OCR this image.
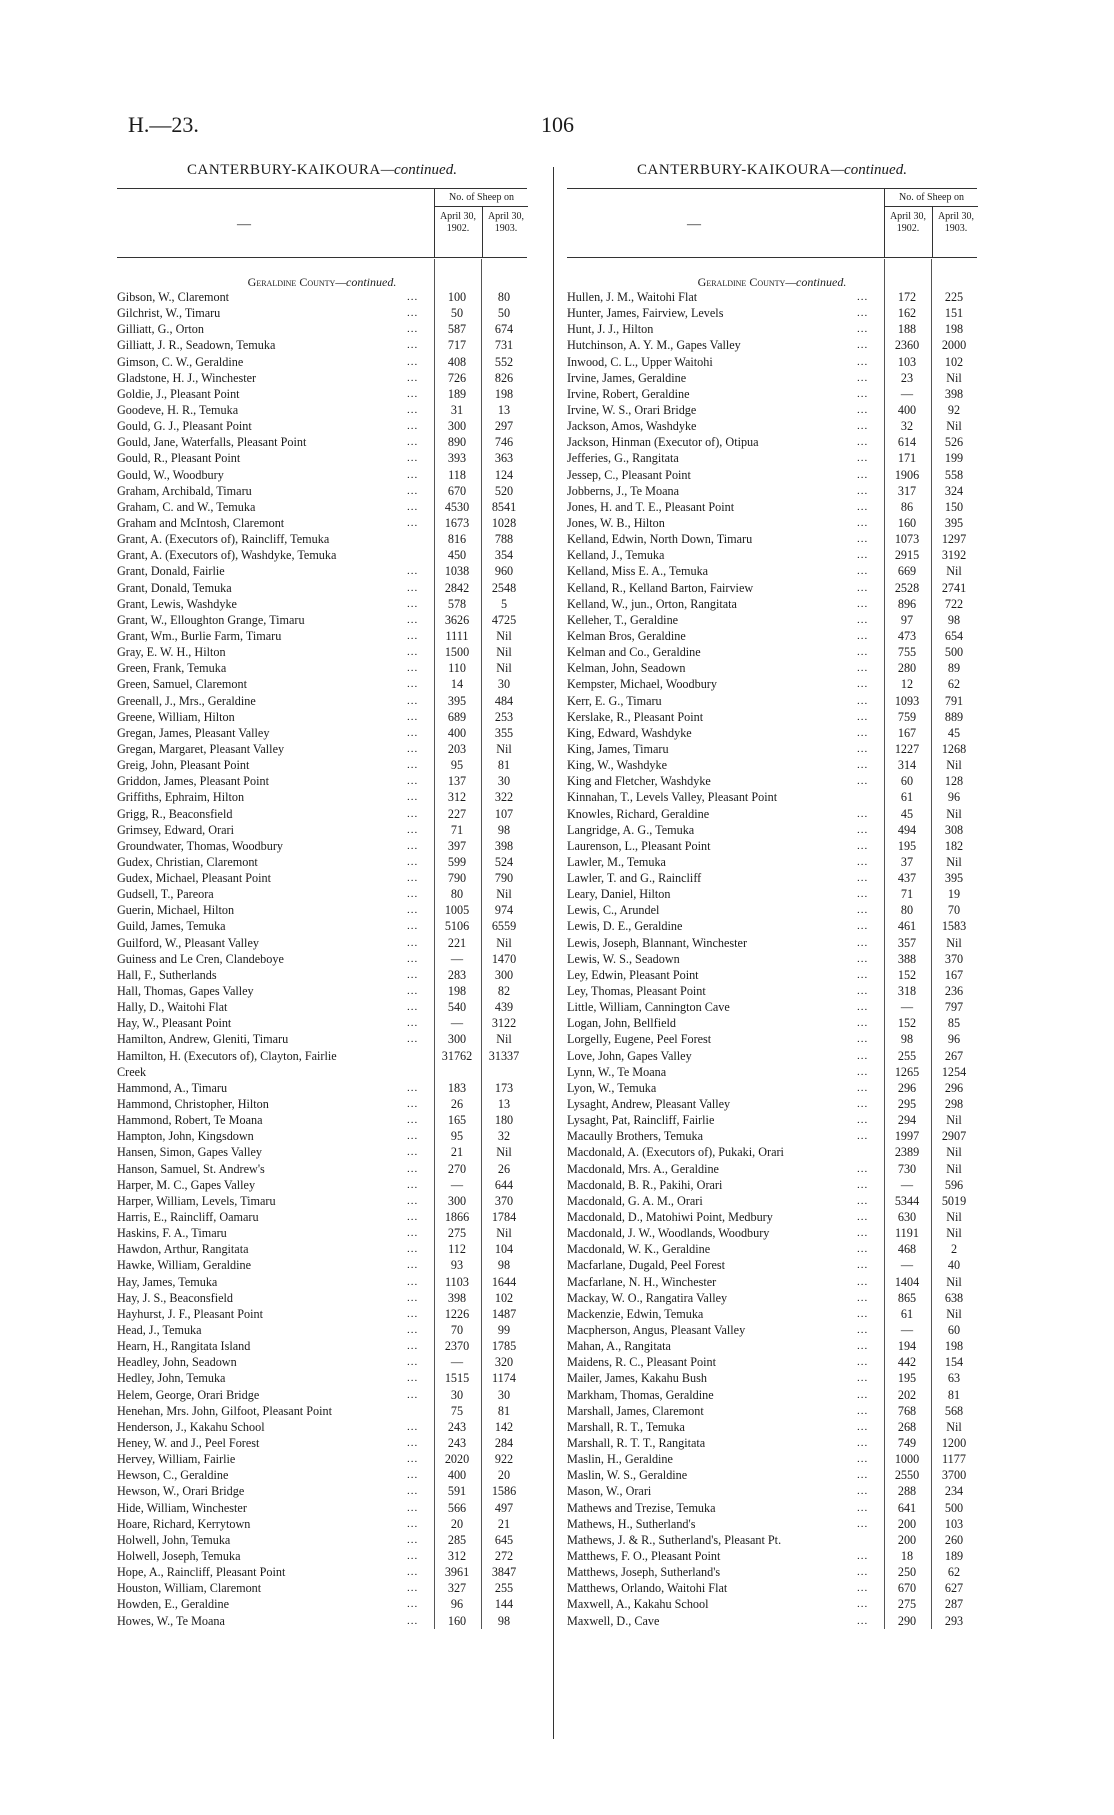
H.—23.	106
CANTERBURY-KAIKOURA—continued.
—
No. of Sheep on
April 30, 1902.
April 30, 1903.
Geraldine County—continued.
Gibson, W., Claremont	...	100	80
Gilchrist, W., Timaru	...	50	50
Gilliatt, G., Orton	...	587	674
Gilliatt, J. R., Seadown, Temuka	...	717	731
Gimson, C. W., Geraldine	...	408	552
Gladstone, H. J., Winchester	...	726	826
Goldie, J., Pleasant Point	...	189	198
Goodeve, H. R., Temuka	...	31	13
Gould, G. J., Pleasant Point	...	300	297
Gould, Jane, Waterfalls, Pleasant Point	...	890	746
Gould, R., Pleasant Point	...	393	363
Gould, W., Woodbury	...	118	124
Graham, Archibald, Timaru	...	670	520
Graham, C. and W., Temuka	...	4530	8541
Graham and McIntosh, Claremont	...	1673	1028
Grant, A. (Executors of), Raincliff, Temuka	816	788
Grant, A. (Executors of), Washdyke, Temuka	450	354
Grant, Donald, Fairlie	...	1038	960
Grant, Donald, Temuka	...	2842	2548
Grant, Lewis, Washdyke	...	578	5
Grant, W., Elloughton Grange, Timaru	...	3626	4725
Grant, Wm., Burlie Farm, Timaru	...	1111	Nil
Gray, E. W. H., Hilton	...	1500	Nil
Green, Frank, Temuka	...	110	Nil
Green, Samuel, Claremont	...	14	30
Greenall, J., Mrs., Geraldine	...	395	484
Greene, William, Hilton	...	689	253
Gregan, James, Pleasant Valley	...	400	355
Gregan, Margaret, Pleasant Valley	...	203	Nil
Greig, John, Pleasant Point	...	95	81
Griddon, James, Pleasant Point	...	137	30
Griffiths, Ephraim, Hilton	...	312	322
Grigg, R., Beaconsfield	...	227	107
Grimsey, Edward, Orari	...	71	98
Groundwater, Thomas, Woodbury	...	397	398
Gudex, Christian, Claremont	...	599	524
Gudex, Michael, Pleasant Point	...	790	790
Gudsell, T., Pareora	...	80	Nil
Guerin, Michael, Hilton	...	1005	974
Guild, James, Temuka	...	5106	6559
Guilford, W., Pleasant Valley	...	221	Nil
Guiness and Le Cren, Clandeboye	...	—	1470
Hall, F., Sutherlands	...	283	300
Hall, Thomas, Gapes Valley	...	198	82
Hally, D., Waitohi Flat	...	540	439
Hay, W., Pleasant Point	...	—	3122
Hamilton, Andrew, Gleniti, Timaru	...	300	Nil
Hamilton, H. (Executors of), Clayton, Fairlie	31762	31337
Creek
Hammond, A., Timaru	...	183	173
Hammond, Christopher, Hilton	...	26	13
Hammond, Robert, Te Moana	...	165	180
Hampton, John, Kingsdown	...	95	32
Hansen, Simon, Gapes Valley	...	21	Nil
Hanson, Samuel, St. Andrew's	...	270	26
Harper, M. C., Gapes Valley	...	—	644
Harper, William, Levels, Timaru	...	300	370
Harris, E., Raincliff, Oamaru	...	1866	1784
Haskins, F. A., Timaru	...	275	Nil
Hawdon, Arthur, Rangitata	...	112	104
Hawke, William, Geraldine	...	93	98
Hay, James, Temuka	...	1103	1644
Hay, J. S., Beaconsfield	...	398	102
Hayhurst, J. F., Pleasant Point	...	1226	1487
Head, J., Temuka	...	70	99
Hearn, H., Rangitata Island	...	2370	1785
Headley, John, Seadown	...	—	320
Hedley, John, Temuka	...	1515	1174
Helem, George, Orari Bridge	...	30	30
Henehan, Mrs. John, Gilfoot, Pleasant Point	75	81
Henderson, J., Kakahu School	...	243	142
Heney, W. and J., Peel Forest	...	243	284
Hervey, William, Fairlie	...	2020	922
Hewson, C., Geraldine	...	400	20
Hewson, W., Orari Bridge	...	591	1586
Hide, William, Winchester	...	566	497
Hoare, Richard, Kerrytown	...	20	21
Holwell, John, Temuka	...	285	645
Holwell, Joseph, Temuka	...	312	272
Hope, A., Raincliff, Pleasant Point	...	3961	3847
Houston, William, Claremont	...	327	255
Howden, E., Geraldine	...	96	144
Howes, W., Te Moana	...	160	98
CANTERBURY-KAIKOURA—continued.
—
No. of Sheep on
April 30, 1902.
April 30, 1903.
Geraldine County—continued.
Hullen, J. M., Waitohi Flat	...	172	225
Hunter, James, Fairview, Levels	...	162	151
Hunt, J. J., Hilton	...	188	198
Hutchinson, A. Y. M., Gapes Valley	...	2360	2000
Inwood, C. L., Upper Waitohi	...	103	102
Irvine, James, Geraldine	...	23	Nil
Irvine, Robert, Geraldine	...	—	398
Irvine, W. S., Orari Bridge	...	400	92
Jackson, Amos, Washdyke	...	32	Nil
Jackson, Hinman (Executor of), Otipua	...	614	526
Jefferies, G., Rangitata	...	171	199
Jessep, C., Pleasant Point	...	1906	558
Jobberns, J., Te Moana	...	317	324
Jones, H. and T. E., Pleasant Point	...	86	150
Jones, W. B., Hilton	...	160	395
Kelland, Edwin, North Down, Timaru	...	1073	1297
Kelland, J., Temuka	...	2915	3192
Kelland, Miss E. A., Temuka	...	669	Nil
Kelland, R., Kelland Barton, Fairview	...	2528	2741
Kelland, W., jun., Orton, Rangitata	...	896	722
Kelleher, T., Geraldine	...	97	98
Kelman Bros, Geraldine	...	473	654
Kelman and Co., Geraldine	...	755	500
Kelman, John, Seadown	...	280	89
Kempster, Michael, Woodbury	...	12	62
Kerr, E. G., Timaru	...	1093	791
Kerslake, R., Pleasant Point	...	759	889
King, Edward, Washdyke	...	167	45
King, James, Timaru	...	1227	1268
King, W., Washdyke	...	314	Nil
King and Fletcher, Washdyke	...	60	128
Kinnahan, T., Levels Valley, Pleasant Point	61	96
Knowles, Richard, Geraldine	...	45	Nil
Langridge, A. G., Temuka	...	494	308
Laurenson, L., Pleasant Point	...	195	182
Lawler, M., Temuka	...	37	Nil
Lawler, T. and G., Raincliff	...	437	395
Leary, Daniel, Hilton	...	71	19
Lewis, C., Arundel	...	80	70
Lewis, D. E., Geraldine	...	461	1583
Lewis, Joseph, Blannant, Winchester	...	357	Nil
Lewis, W. S., Seadown	...	388	370
Ley, Edwin, Pleasant Point	...	152	167
Ley, Thomas, Pleasant Point	...	318	236
Little, William, Cannington Cave	...	—	797
Logan, John, Bellfield	...	152	85
Lorgelly, Eugene, Peel Forest	...	98	96
Love, John, Gapes Valley	...	255	267
Lynn, W., Te Moana	...	1265	1254
Lyon, W., Temuka	...	296	296
Lysaght, Andrew, Pleasant Valley	...	295	298
Lysaght, Pat, Raincliff, Fairlie	...	294	Nil
Macaully Brothers, Temuka	...	1997	2907
Macdonald, A. (Executors of), Pukaki, Orari	2389	Nil
Macdonald, Mrs. A., Geraldine	...	730	Nil
Macdonald, B. R., Pakihi, Orari	...	—	596
Macdonald, G. A. M., Orari	...	5344	5019
Macdonald, D., Matohiwi Point, Medbury	...	630	Nil
Macdonald, J. W., Woodlands, Woodbury	...	1191	Nil
Macdonald, W. K., Geraldine	...	468	2
Macfarlane, Dugald, Peel Forest	...	—	40
Macfarlane, N. H., Winchester	...	1404	Nil
Mackay, W. O., Rangatira Valley	...	865	638
Mackenzie, Edwin, Temuka	...	61	Nil
Macpherson, Angus, Pleasant Valley	...	—	60
Mahan, A., Rangitata	...	194	198
Maidens, R. C., Pleasant Point	...	442	154
Mailer, James, Kakahu Bush	...	195	63
Markham, Thomas, Geraldine	...	202	81
Marshall, James, Claremont	...	768	568
Marshall, R. T., Temuka	...	268	Nil
Marshall, R. T. T., Rangitata	...	749	1200
Maslin, H., Geraldine	...	1000	1177
Maslin, W. S., Geraldine	...	2550	3700
Mason, W., Orari	...	288	234
Mathews and Trezise, Temuka	...	641	500
Mathews, H., Sutherland's	...	200	103
Mathews, J. & R., Sutherland's, Pleasant Pt.	200	260
Matthews, F. O., Pleasant Point	...	18	189
Matthews, Joseph, Sutherland's	...	250	62
Matthews, Orlando, Waitohi Flat	...	670	627
Maxwell, A., Kakahu School	...	275	287
Maxwell, D., Cave	...	290	293
